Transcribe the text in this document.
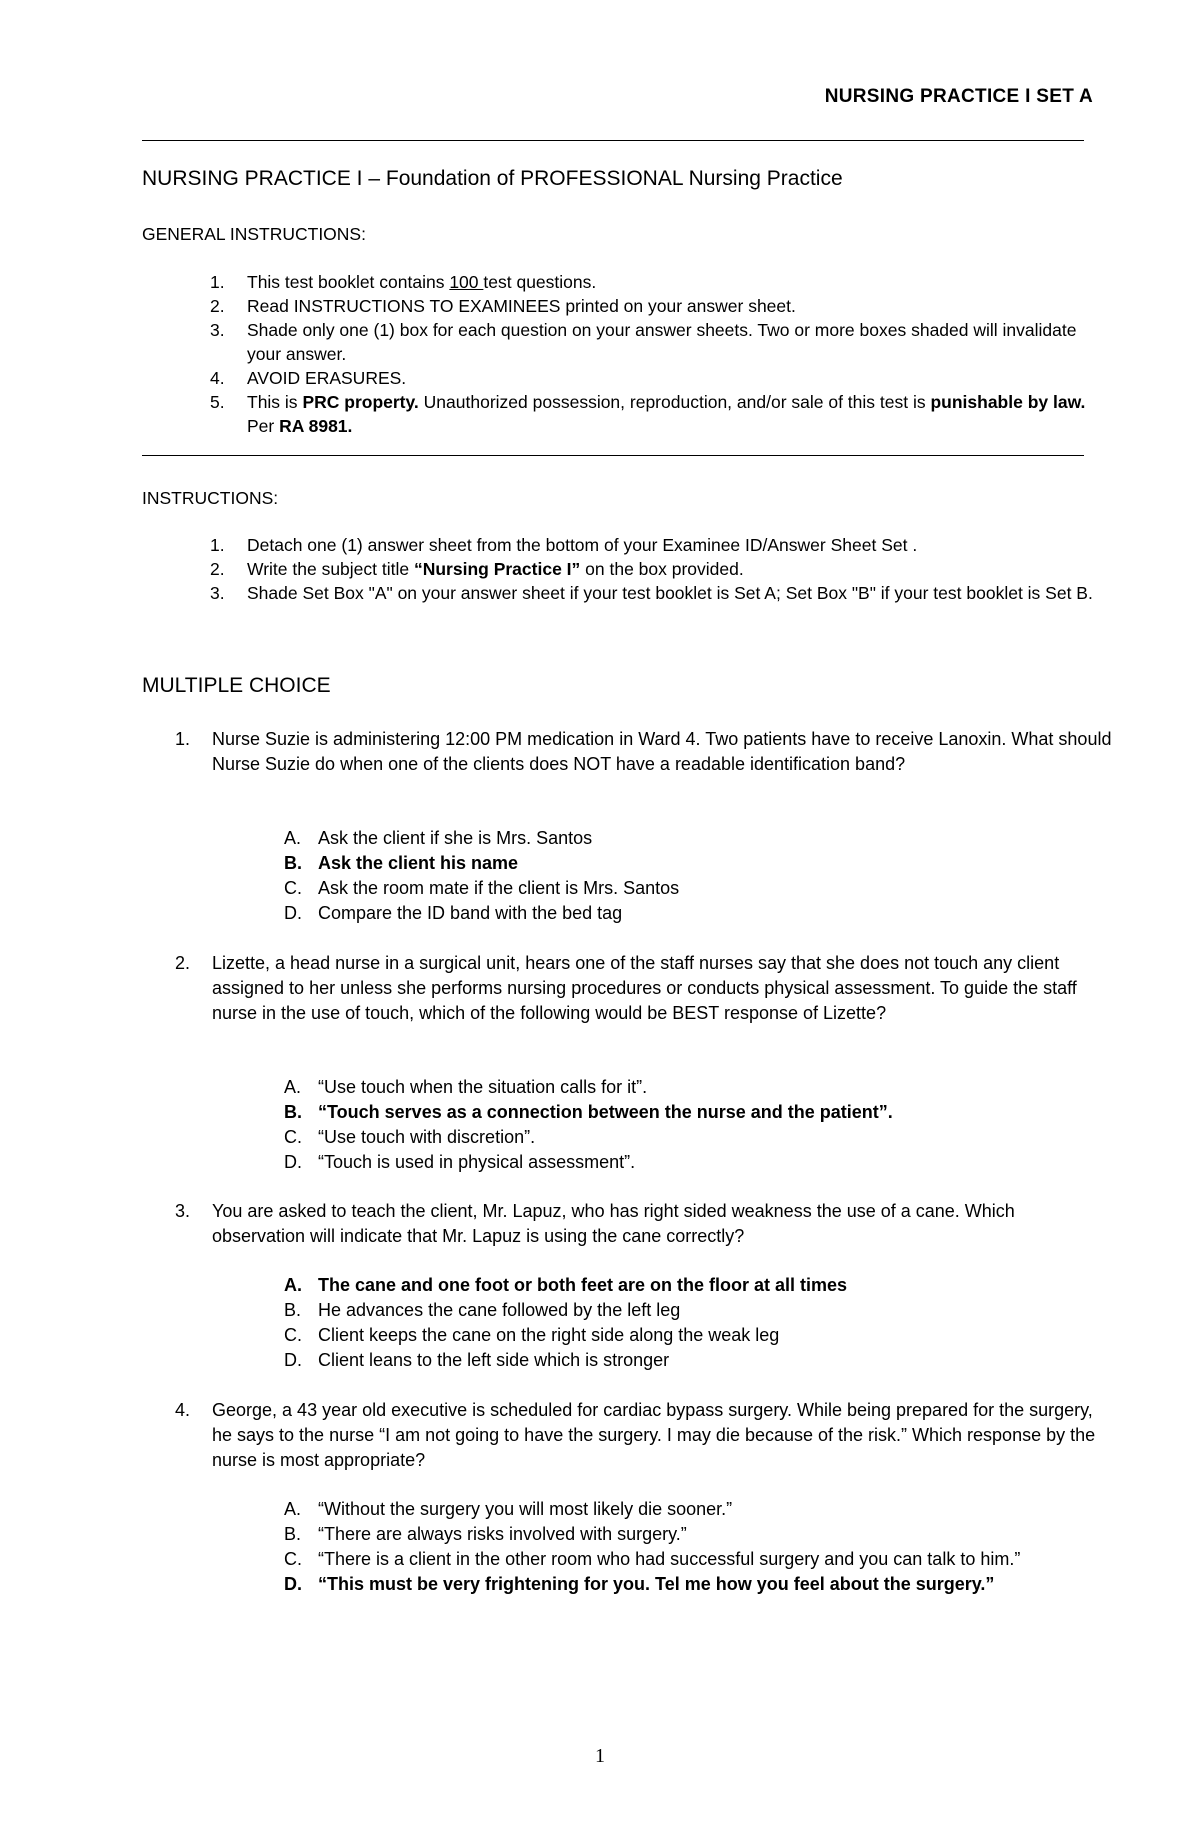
NURSING PRACTICE I SET A
NURSING PRACTICE I – Foundation of PROFESSIONAL Nursing Practice
GENERAL INSTRUCTIONS:
1.	This test booklet contains 100 test questions.
2.	Read INSTRUCTIONS TO EXAMINEES printed on your answer sheet.
3.	Shade only one (1) box for each question on your answer sheets. Two or more boxes shaded will invalidate your answer.
4.	AVOID ERASURES.
5.	This is PRC property. Unauthorized possession, reproduction, and/or sale of this test is punishable by law. Per RA 8981.
INSTRUCTIONS:
1.	Detach one (1) answer sheet from the bottom of your Examinee ID/Answer Sheet Set .
2.	Write the subject title “Nursing Practice I” on the box provided.
3.	Shade Set Box "A" on your answer sheet if your test booklet is Set A; Set Box "B" if your test booklet is Set B.
MULTIPLE CHOICE
1. Nurse Suzie is administering 12:00 PM medication in Ward 4. Two patients have to receive Lanoxin. What should Nurse Suzie do when one of the clients does NOT have a readable identification band?
A. Ask the client if she is Mrs. Santos
B. Ask the client his name
C. Ask the room mate if the client is Mrs. Santos
D. Compare the ID band with the bed tag
2. Lizette, a head nurse in a surgical unit, hears one of the staff nurses say that she does not touch any client assigned to her unless she performs nursing procedures or conducts physical assessment. To guide the staff nurse in the use of touch, which of the following would be BEST response of Lizette?
A. “Use touch when the situation calls for it”.
B. “Touch serves as a connection between the nurse and the patient”.
C. “Use touch with discretion”.
D. “Touch is used in physical assessment”.
3. You are asked to teach the client, Mr. Lapuz, who has right sided weakness the use of a cane. Which observation will indicate that Mr. Lapuz is using the cane correctly?
A. The cane and one foot or both feet are on the floor at all times
B. He advances the cane followed by the left leg
C. Client keeps the cane on the right side along the weak leg
D. Client leans to the left side which is stronger
4. George, a 43 year old executive is scheduled for cardiac bypass surgery. While being prepared for the surgery, he says to the nurse “I am not going to have the surgery. I may die because of the risk.” Which response by the nurse is most appropriate?
A. “Without the surgery you will most likely die sooner.”
B. “There are always risks involved with surgery.”
C. “There is a client in the other room who had successful surgery and you can talk to him.”
D. “This must be very frightening for you. Tel me how you feel about the surgery.”
1
